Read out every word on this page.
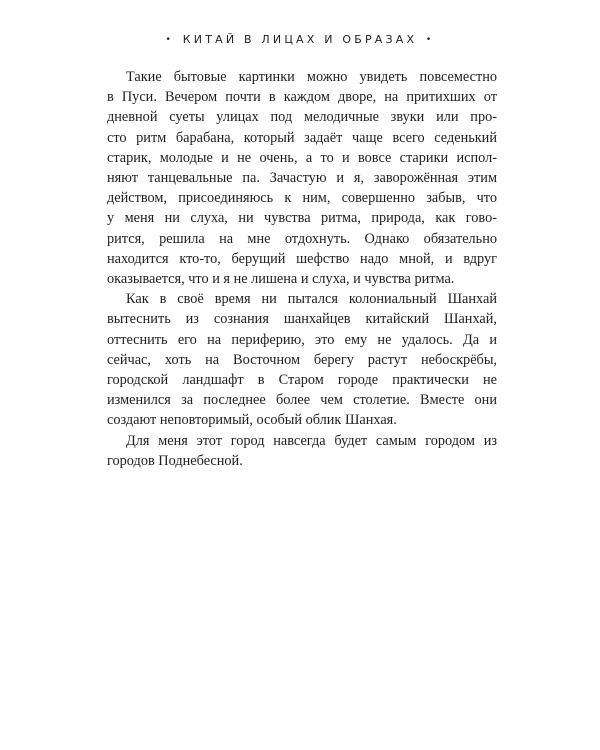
• КИТАЙ В ЛИЦАХ И ОБРАЗАХ •
Такие бытовые картинки можно увидеть повсеместно
в Пуси. Вечером почти в каждом дворе, на притихших от
дневной суеты улицах под мелодичные звуки или про-
сто ритм барабана, который задаёт чаще всего седенький
старик, молодые и не очень, а то и вовсе старики испол-
няют танцевальные па. Зачастую и я, заворожённая этим
действом, присоединяюсь к ним, совершенно забыв, что
у меня ни слуха, ни чувства ритма, природа, как гово-
рится, решила на мне отдохнуть. Однако обязательно
находится кто-то, берущий шефство надо мной, и вдруг
оказывается, что и я не лишена и слуха, и чувства ритма.
Как в своё время ни пытался колониальный Шанхай
вытеснить из сознания шанхайцев китайский Шанхай,
оттеснить его на периферию, это ему не удалось. Да и
сейчас, хоть на Восточном берегу растут небоскрёбы,
городской ландшафт в Старом городе практически не
изменился за последнее более чем столетие. Вместе они
создают неповторимый, особый облик Шанхая.
Для меня этот город навсегда будет самым городом из
городов Поднебесной.
